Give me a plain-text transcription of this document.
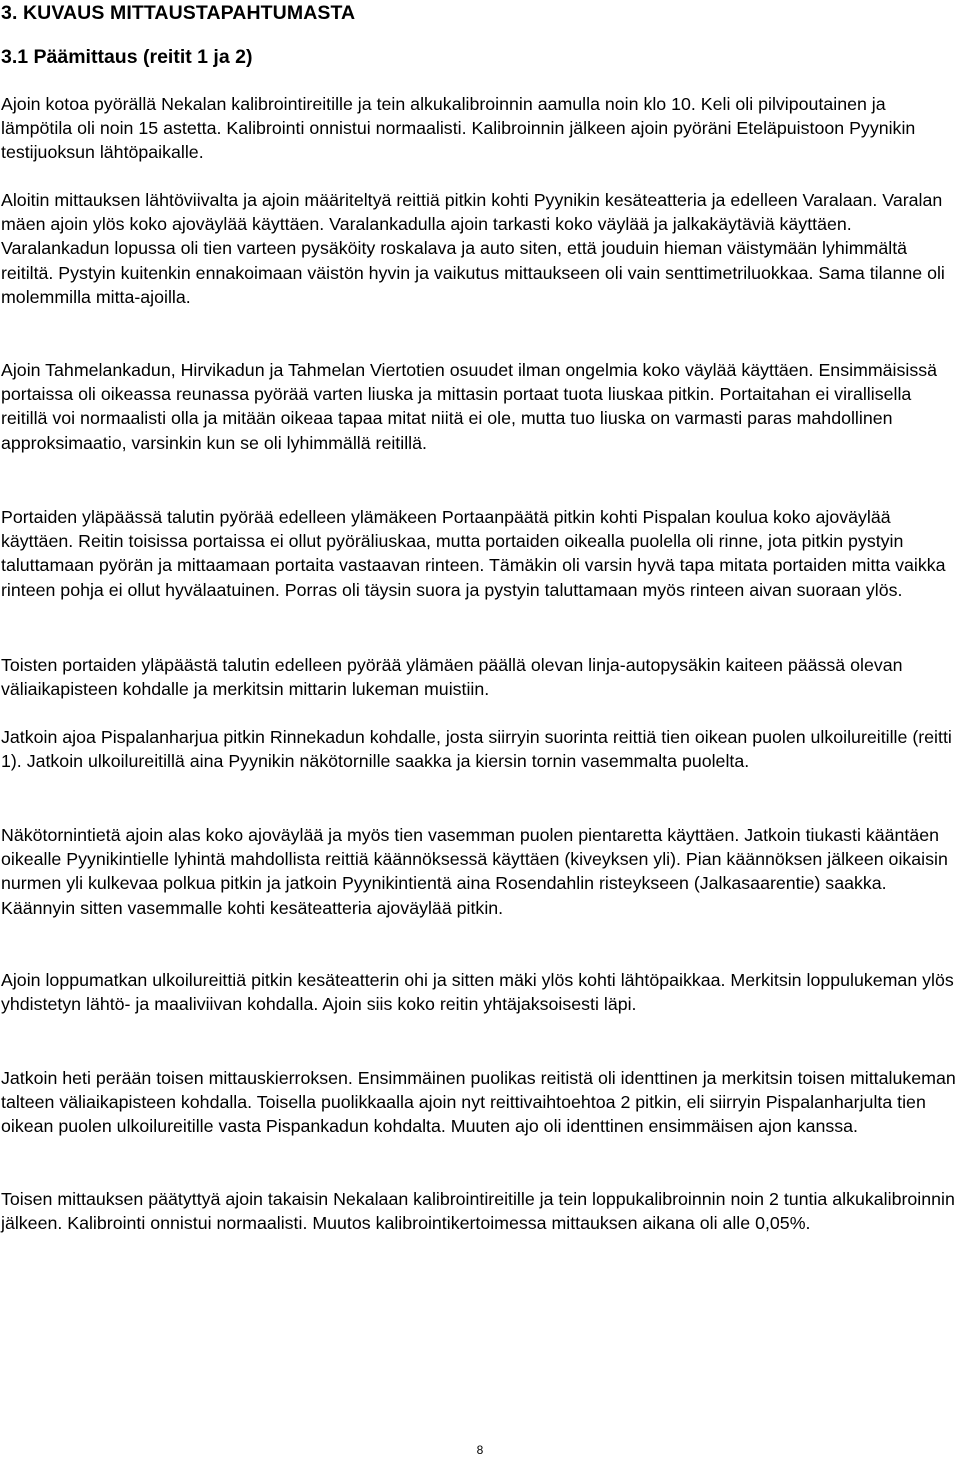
3. KUVAUS MITTAUSTAPAHTUMASTA
3.1 Päämittaus (reitit 1 ja 2)

Ajoin kotoa pyörällä Nekalan kalibrointireitille ja tein alkukalibroinnin aamulla noin klo 10. Keli oli pilvipoutainen ja lämpötila oli noin 15 astetta. Kalibrointi onnistui normaalisti. Kalibroinnin jälkeen ajoin pyöräni Eteläpuistoon Pyynikin testijuoksun lähtöpaikalle.

Aloitin mittauksen lähtöviivalta ja ajoin määriteltyä reittiä pitkin kohti Pyynikin kesäteatteria ja edelleen Varalaan. Varalan mäen ajoin ylös koko ajoväylää käyttäen. Varalankadulla ajoin tarkasti koko väylää ja jalkakäytäviä käyttäen. Varalankadun lopussa oli tien varteen pysäköity roskalava ja auto siten, että jouduin hieman väistymään lyhimmältä reitiltä. Pystyin kuitenkin ennakoimaan väistön hyvin ja vaikutus mittaukseen oli vain senttimetriluokkaa. Sama tilanne oli molemmilla mitta-ajoilla.

Ajoin Tahmelankadun, Hirvikadun ja Tahmelan Viertotien osuudet ilman ongelmia koko väylää käyttäen. Ensimmäisissä portaissa oli oikeassa reunassa pyörää varten liuska ja mittasin portaat tuota liuskaa pitkin. Portaitahan ei virallisella reitillä voi normaalisti olla ja mitään oikeaa tapaa mitat niitä ei ole, mutta tuo liuska on varmasti paras mahdollinen approksimaatio, varsinkin kun se oli lyhimmällä reitillä.

Portaiden yläpäässä talutin pyörää edelleen ylämäkeen Portaanpäätä pitkin kohti Pispalan koulua koko ajoväylää käyttäen. Reitin toisissa portaissa ei ollut pyöräliuskaa, mutta portaiden oikealla puolella oli rinne, jota pitkin pystyin taluttamaan pyörän ja mittaamaan portaita vastaavan rinteen. Tämäkin oli varsin hyvä tapa mitata portaiden mitta vaikka rinteen pohja ei ollut hyvälaatuinen. Porras oli täysin suora ja pystyin taluttamaan myös rinteen aivan suoraan ylös.

Toisten portaiden yläpäästä talutin edelleen pyörää ylämäen päällä olevan linja-autopysäkin kaiteen päässä olevan väliaikapisteen kohdalle ja merkitsin mittarin lukeman muistiin.

Jatkoin ajoa Pispalanharjua pitkin Rinnekadun kohdalle, josta siirryin suorinta reittiä tien oikean puolen ulkoilureitille (reitti 1). Jatkoin ulkoilureitillä aina Pyynikin näkötornille saakka ja kiersin tornin vasemmalta puolelta.

Näkötornintietä ajoin alas koko ajoväylää ja myös tien vasemman puolen pientaretta käyttäen. Jatkoin tiukasti kääntäen oikealle Pyynikintielle lyhintä mahdollista reittiä käännöksessä käyttäen (kiveyksen yli). Pian käännöksen jälkeen oikaisin nurmen yli kulkevaa polkua pitkin ja jatkoin Pyynikintientä aina Rosendahlin risteykseen (Jalkasaarentie) saakka. Käännyin sitten vasemmalle kohti kesäteatteria ajoväylää pitkin.

Ajoin loppumatkan ulkoilureittiä pitkin kesäteatterin ohi ja sitten mäki ylös kohti lähtöpaikkaa. Merkitsin loppulukeman ylös yhdistetyn lähtö- ja maaliviivan kohdalla. Ajoin siis koko reitin yhtäjaksoisesti läpi.

Jatkoin heti perään toisen mittauskierroksen. Ensimmäinen puolikas reitistä oli identtinen ja merkitsin toisen mittalukeman talteen väliaikapisteen kohdalla. Toisella puolikkaalla ajoin nyt reittivaihtoehtoa 2 pitkin, eli siirryin Pispalanharjulta tien oikean puolen ulkoilureitille vasta Pispankadun kohdalta. Muuten ajo oli identtinen ensimmäisen ajon kanssa.

Toisen mittauksen päätyttyä ajoin takaisin Nekalaan kalibrointireitille ja tein loppukalibroinnin noin 2 tuntia alkukalibroinnin jälkeen. Kalibrointi onnistui normaalisti. Muutos kalibrointikertoimessa mittauksen aikana oli alle 0,05%.

8
